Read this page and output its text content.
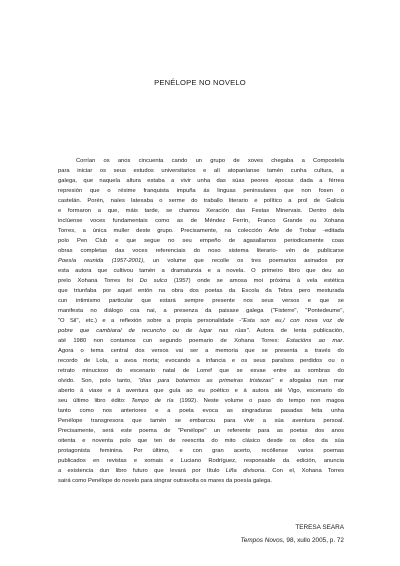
PENÉLOPE NO NOVELO
Corrían os anos cincuenta cando un grupo de xoves chegaba a Compostela
para iniciar os seus estudos universitarios e alí atopaníanse tamén cunha cultura, a
galega, que naquela altura estaba a vivir unha das súas peores épocas dada a férrea
represión que o réxime franquista impuña ás linguas peninsulares que non fosen o
castelán. Porén, naíes latexaba o xerme do traballo literario e político a prol de Galicia
e formaron a que, máis tarde, se chamou Xeración das Festas Minervais. Dentro dela
inclúense voces fundamentais como as de Méndez Ferrín, Franco Grande ou Xohana
Torres, a única muller deste grupo. Precisamente, na colección Arte de Trobar -editada
polo Pen Club e que segue no seu empeño de agasallarnos periodicamente coas
obras completas das voces referenciais do noso sistema literario- vén de publicarse
Poesía reunida (1957-2001), un volume que recolle os tres poemarios asinados por
esta autora que cultivou tamén a dramaturxia e a novela. O primeiro libro que deu ao
prelo Xohana Torres foi Do sulco (1957) onde se amosa moi próxima á vela estética
que triunfaba por aquel entón na obra dos poetas da Escola da Tebra pero mesturada
cun intimismo particular que estará sempre presente nos seus versos e que se
manifesta no diálogo coa nai, a presenza da paisaxe galega ("Fisterre", "Pontedeume",
"O Sil", etc.) e a reflexión sobre a propia personalidade -"Esta son eu,/ con nova voz de
pobre que cambiara/ de recuncho ou de lugar nas rúas". Autora de lenta publicación,
até 1980 non contamos cun segundo poemario de Xohana Torres: Estacións ao mar.
Agora o tema central dos versos vai ser a memoria que se presenta a través do
recordo de Lola, a avoa morta; evocando a infancia e os seus paraísos perdidos ou o
retrato minucioso do escenario natal de Lorref que se esvae entre as sombras do
olvido. Son, polo tanto, "días para botarmos as primeiras tristezas" e afogalas nun mar
aberto á viaxe e á aventura que guía ao eu poético e á autora até Vigo, escenario do
seu último libro édito: Tempo de ría (1992). Neste volume o paso do tempo non magoa
tanto como nos anteriores e a poeta evoca as singraduras pasadas feita unha
Penélope transgresora que tamén se embarcou para vivir a súa aventura persoal.
Precisamente, será este poema de "Penélope" un referente para as poetas dos anos
oitenta e noventa polo que ten de reescrita do mito clásico desde os ollos da súa
protagonista feminina. Por último, e con gran acerto, recóllense varios poemas
publicados en revistas e xornais e Luciano Rodríguez, responsable da edición, anuncia
a existencia dun libro futuro que levará por título Liña divisoria. Con el, Xohana Torres
sairá como Penélope do novelo para singrar outravolta os mares da poesía galega.
TERESA SEARA
Tempos Novos, 98, xullo 2005, p. 72
